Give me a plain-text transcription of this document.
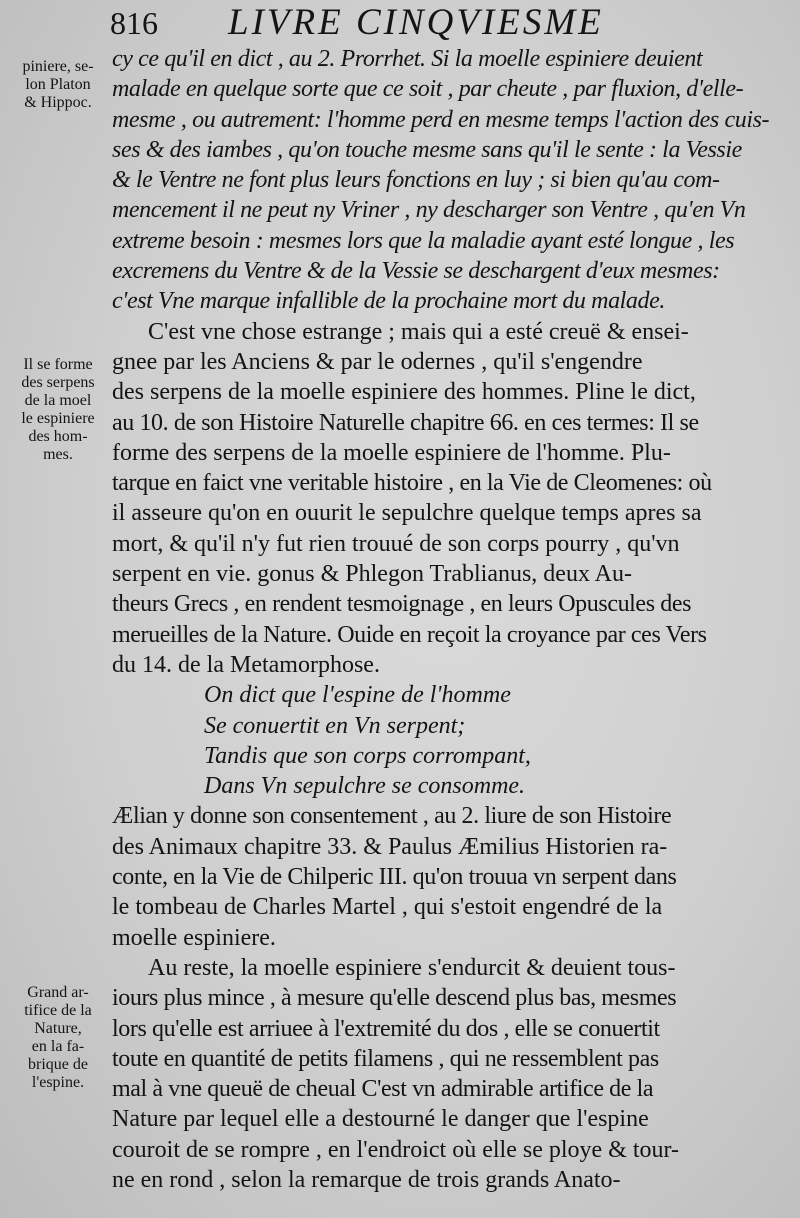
816 LIVRE CINQVIESME
piniere, se-
lon Platon
& Hippoc.
Il se forme
des serpens
de la moel
le espiniere
des hom-
mes.
Grand ar-
tifice de la
Nature,
en la fa-
brique de
l'espine.
cy ce qu'il en dict , au 2. Prorrhet. Si la moelle espiniere deuient
malade en quelque sorte que ce soit , par cheute , par fluxion, d'elle-
mesme , ou autrement: l'homme perd en mesme temps l'action des cuis-
ses & des iambes , qu'on touche mesme sans qu'il le sente : la Vessie
& le Ventre ne font plus leurs fonctions en luy ; si bien qu'au com-
mencement il ne peut ny Vriner , ny descharger son Ventre , qu'en Vn
extreme besoin : mesmes lors que la maladie ayant esté longue , les
excremens du Ventre & de la Vessie se deschargent d'eux mesmes:
c'est Vne marque infallible de la prochaine mort du malade.
C'est vne chose estrange ; mais qui a esté creuë & ensei-
gnee par les Anciens & par le odernes , qu'il s'engendre
des serpens de la moelle espiniere des hommes. Pline le dict,
au 10. de son Histoire Naturelle chapitre 66. en ces termes: Il se
forme des serpens de la moelle espiniere de l'homme. Plu-
tarque en faict vne veritable histoire , en la Vie de Cleomenes: où
il asseure qu'on en ouurit le sepulchre quelque temps apres sa
mort, & qu'il n'y fut rien trouué de son corps pourry , qu'vn
serpent en vie. gonus & Phlegon Trablianus, deux Au-
theurs Grecs , en rendent tesmoignage , en leurs Opuscules des
merueilles de la Nature. Ouide en reçoit la croyance par ces Vers
du 14. de la Metamorphose.
On dict que l'espine de l'homme
Se conuertit en Vn serpent;
Tandis que son corps corrompant,
Dans Vn sepulchre se consomme.
Ælian y donne son consentement , au 2. liure de son Histoire
des Animaux chapitre 33. & Paulus Æmilius Historien ra-
conte, en la Vie de Chilperic III. qu'on trouua vn serpent dans
le tombeau de Charles Martel , qui s'estoit engendré de la
moelle espiniere.
Au reste, la moelle espiniere s'endurcit & deuient tous-
iours plus mince , à mesure qu'elle descend plus bas, mesmes
lors qu'elle est arriuee à l'extremité du dos , elle se conuertit
toute en quantité de petits filamens , qui ne ressemblent pas
mal à vne queuë de cheual C'est vn admirable artifice de la
Nature par lequel elle a destourné le danger que l'espine
couroit de se rompre , en l'endroict où elle se ploye & tour-
ne en rond , selon la remarque de trois grands Anato-
